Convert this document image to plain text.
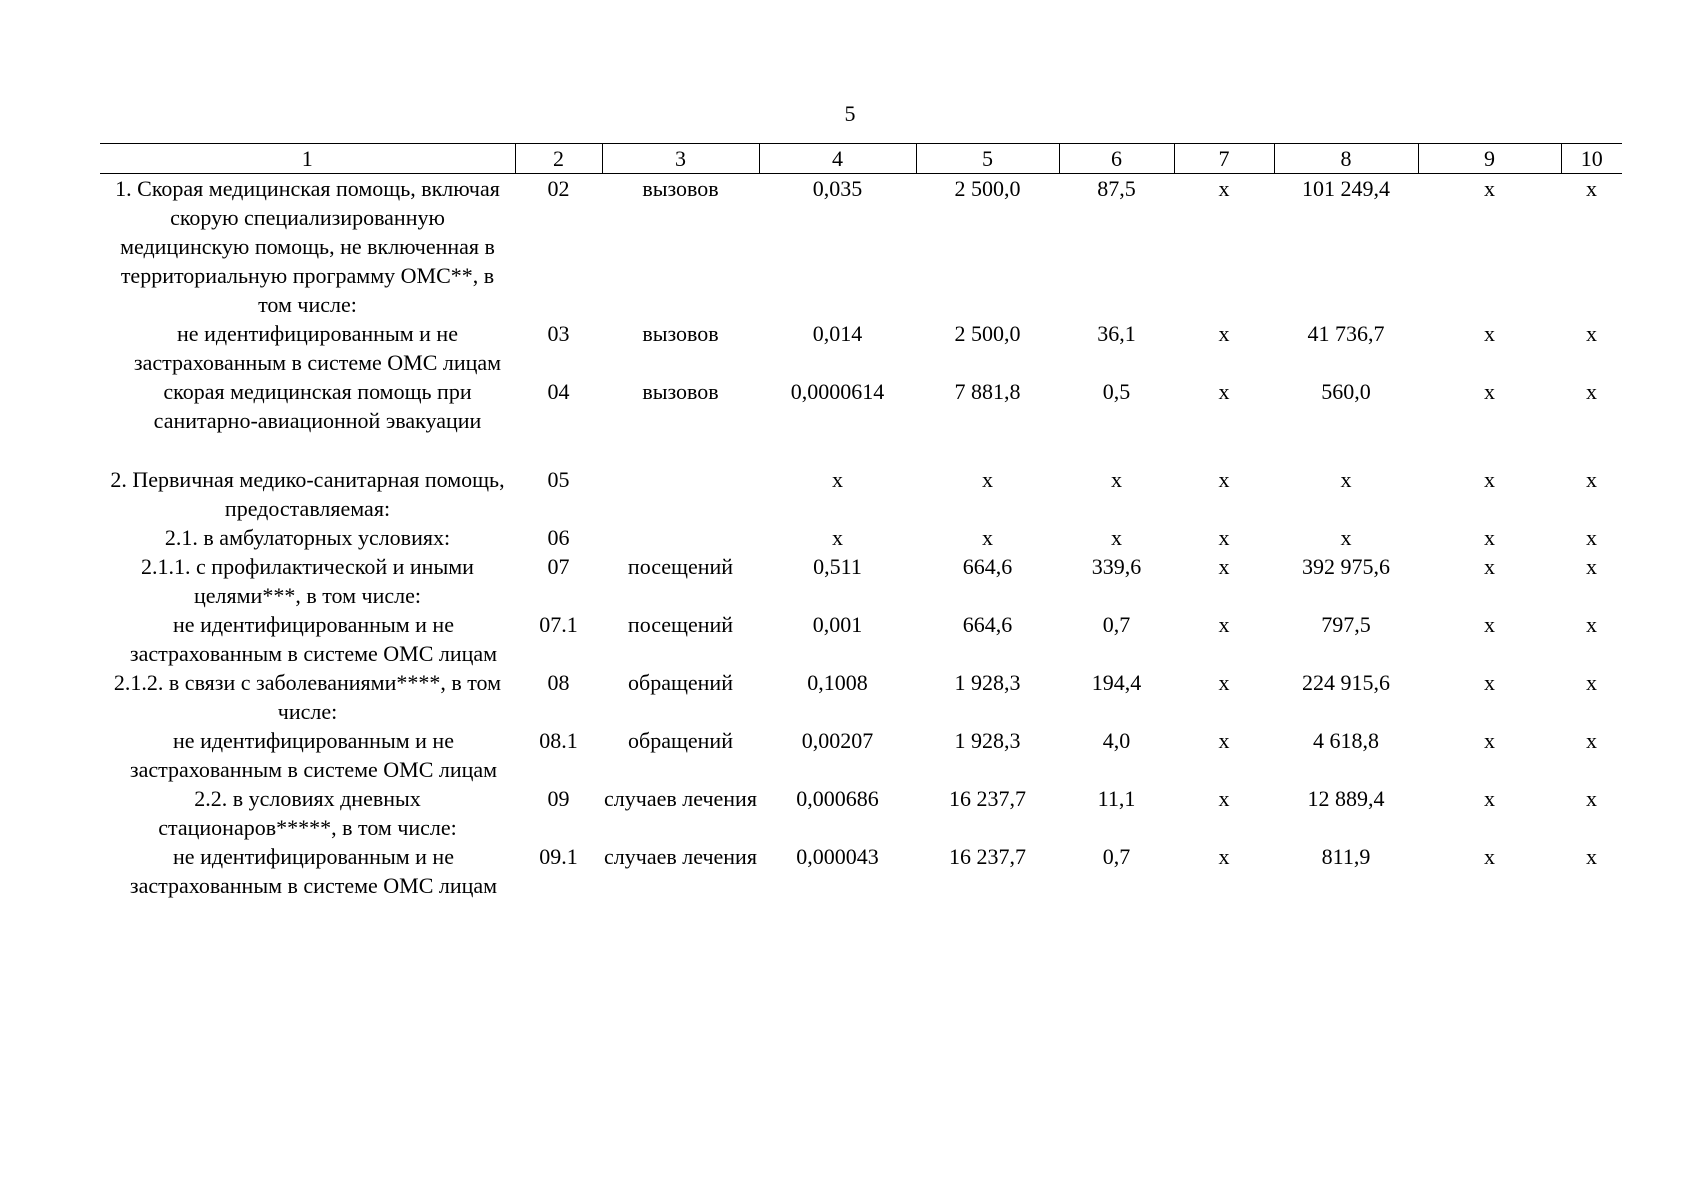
5
1	2	3	4	5	6	7	8	9	10
1. Скорая медицинская помощь, включая скорую специализированную медицинскую помощь, не включенная в территориальную программу ОМС**, в том числе:	02	вызовов	0,035	2 500,0	87,5	х	101 249,4	х	х
не идентифицированным и не застрахованным в системе ОМС лицам	03	вызовов	0,014	2 500,0	36,1	х	41 736,7	х	х
скорая медицинская помощь при санитарно-авиационной эвакуации	04	вызовов	0,0000614	7 881,8	0,5	х	560,0	х	х

2. Первичная медико-санитарная помощь, предоставляемая:	05		х	х	х	х	х	х	х
2.1. в амбулаторных условиях:	06		х	х	х	х	х	х	х
2.1.1. с профилактической и иными целями***, в том числе:	07	посещений	0,511	664,6	339,6	х	392 975,6	х	х
не идентифицированным и не застрахованным в системе ОМС лицам	07.1	посещений	0,001	664,6	0,7	х	797,5	х	х
2.1.2. в связи с заболеваниями****, в том числе:	08	обращений	0,1008	1 928,3	194,4	х	224 915,6	х	х
не идентифицированным и не застрахованным в системе ОМС лицам	08.1	обращений	0,00207	1 928,3	4,0	х	4 618,8	х	х
2.2. в условиях дневных стационаров*****, в том числе:	09	случаев лечения	0,000686	16 237,7	11,1	х	12 889,4	х	х
не идентифицированным и не застрахованным в системе ОМС лицам	09.1	случаев лечения	0,000043	16 237,7	0,7	х	811,9	х	х
